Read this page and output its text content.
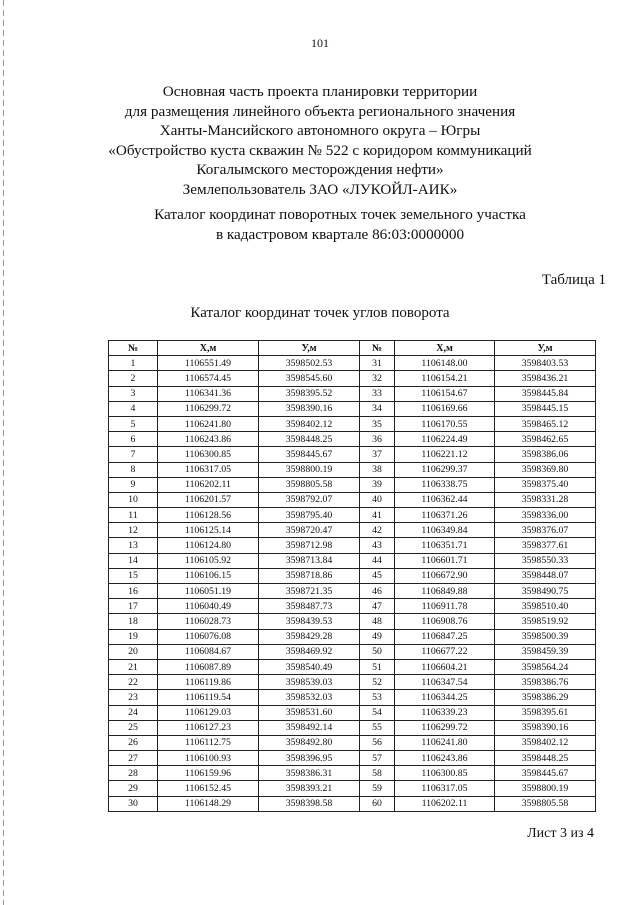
101
Основная часть проекта планировки территории
для размещения линейного объекта регионального значения
Ханты-Мансийского автономного округа – Югры
«Обустройство куста скважин № 522 с коридором коммуникаций
Когалымского месторождения нефти»
Землепользователь ЗАО «ЛУКОЙЛ-АИК»
Каталог координат поворотных точек земельного участка
в кадастровом квартале 86:03:0000000
Таблица 1
Каталог координат точек углов поворота
№	Х,м	У,м	№	Х,м	У,м
1	1106551.49	3598502.53	31	1106148.00	3598403.53
2	1106574.45	3598545.60	32	1106154.21	3598436.21
3	1106341.36	3598395.52	33	1106154.67	3598445.84
4	1106299.72	3598390.16	34	1106169.66	3598445.15
5	1106241.80	3598402.12	35	1106170.55	3598465.12
6	1106243.86	3598448.25	36	1106224.49	3598462.65
7	1106300.85	3598445.67	37	1106221.12	3598386.06
8	1106317.05	3598800.19	38	1106299.37	3598369.80
9	1106202.11	3598805.58	39	1106338.75	3598375.40
10	1106201.57	3598792.07	40	1106362.44	3598331.28
11	1106128.56	3598795.40	41	1106371.26	3598336.00
12	1106125.14	3598720.47	42	1106349.84	3598376.07
13	1106124.80	3598712.98	43	1106351.71	3598377.61
14	1106105.92	3598713.84	44	1106601.71	3598550.33
15	1106106.15	3598718.86	45	1106672.90	3598448.07
16	1106051.19	3598721.35	46	1106849.88	3598490.75
17	1106040.49	3598487.73	47	1106911.78	3598510.40
18	1106028.73	3598439.53	48	1106908.76	3598519.92
19	1106076.08	3598429.28	49	1106847.25	3598500.39
20	1106084.67	3598469.92	50	1106677.22	3598459.39
21	1106087.89	3598540.49	51	1106604.21	3598564.24
22	1106119.86	3598539.03	52	1106347.54	3598386.76
23	1106119.54	3598532.03	53	1106344.25	3598386.29
24	1106129.03	3598531.60	54	1106339.23	3598395.61
25	1106127.23	3598492.14	55	1106299.72	3598390.16
26	1106112.75	3598492.80	56	1106241.80	3598402.12
27	1106100.93	3598396.95	57	1106243.86	3598448.25
28	1106159.96	3598386.31	58	1106300.85	3598445.67
29	1106152.45	3598393.21	59	1106317.05	3598800.19
30	1106148.29	3598398.58	60	1106202.11	3598805.58
Лист 3 из 4
